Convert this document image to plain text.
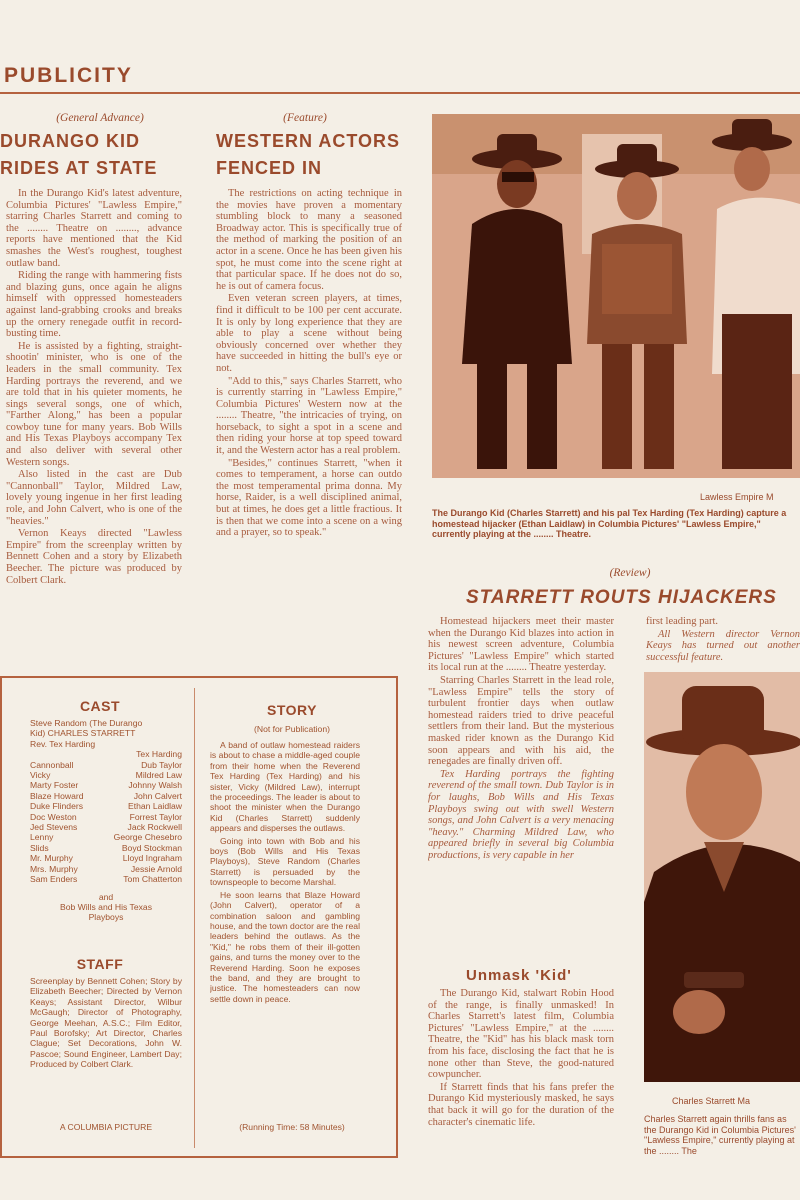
PUBLICITY
(General Advance)
DURANGO KID
RIDES AT STATE

In the Durango Kid's latest adventure, Columbia Pictures' "Lawless Empire," starring Charles Starrett and coming to the ........ Theatre on ........, advance reports have mentioned that the Kid smashes the West's roughest, toughest outlaw band.

Riding the range with hammering fists and blazing guns, once again he aligns himself with oppressed homesteaders against land-grabbing crooks and breaks up the ornery renegade outfit in record-busting time.

He is assisted by a fighting, straight-shootin' minister, who is one of the leaders in the small community. Tex Harding portrays the reverend, and we are told that in his quieter moments, he sings several songs, one of which, "Farther Along," has been a popular cowboy tune for many years. Bob Wills and His Texas Playboys accompany Tex and also deliver with several other Western songs.

Also listed in the cast are Dub "Cannonball" Taylor, Mildred Law, lovely young ingenue in her first leading role, and John Calvert, who is one of the "heavies."

Vernon Keays directed "Lawless Empire" from the screenplay written by Bennett Cohen and a story by Elizabeth Beecher. The picture was produced by Colbert Clark.

(Feature)
WESTERN ACTORS
FENCED IN

The restrictions on acting technique in the movies have proven a momentary stumbling block to many a seasoned Broadway actor. This is specifically true of the method of marking the position of an actor in a scene. Once he has been given his spot, he must come into the scene right at that particular space. If he does not do so, he is out of camera focus.

Even veteran screen players, at times, find it difficult to be 100 per cent accurate. It is only by long experience that they are able to play a scene without being obviously concerned over whether they have succeeded in hitting the bull's eye or not.

"Add to this," says Charles Starrett, who is currently starring in "Lawless Empire," Columbia Pictures' Western now at the ........ Theatre, "the intricacies of trying, on horseback, to sight a spot in a scene and then riding your horse at top speed toward it, and the Western actor has a real problem.

"Besides," continues Starrett, "when it comes to temperament, a horse can outdo the most temperamental prima donna. My horse, Raider, is a well disciplined animal, but at times, he does get a little fractious. It is then that we come into a scene on a wing and a prayer, so to speak."

Lawless Empire M
The Durango Kid (Charles Starrett) and his pal Tex Harding (Tex Harding) capture a homestead hijacker (Ethan Laidlaw) in Columbia Pictures' "Lawless Empire," currently playing at the ........ Theatre.
(Review)
STARRETT ROUTS HIJACKERS

Homestead hijackers meet their master when the Durango Kid blazes into action in his newest screen adventure, Columbia Pictures' "Lawless Empire" which started its local run at the ........ Theatre yesterday.

Starring Charles Starrett in the lead role, "Lawless Empire" tells the story of turbulent frontier days when outlaw homestead raiders tried to drive peaceful settlers from their land. But the mysterious masked rider known as the Durango Kid soon appears and with his aid, the renegades are finally driven off.

Tex Harding portrays the fighting reverend of the small town. Dub Taylor is in for laughs, Bob Wills and His Texas Playboys swing out with swell Western songs, and John Calvert is a very menacing "heavy." Charming Mildred Law, who appeared briefly in several big Columbia productions, is very capable in her

first leading part.

All Western director Vernon Keays has turned out another successful feature.

Unmask 'Kid'

The Durango Kid, stalwart Robin Hood of the range, is finally unmasked! In Charles Starrett's latest film, Columbia Pictures' "Lawless Empire," at the ........ Theatre, the "Kid" has his black mask torn from his face, disclosing the fact that he is none other than Steve, the good-natured cowpuncher.

If Starrett finds that his fans prefer the Durango Kid mysteriously masked, he says that back it will go for the duration of the character's cinematic life.

Charles Starrett Ma
Charles Starrett again thrills fans as the Durango Kid in Columbia Pictures' "Lawless Empire," currently playing at the ........ The
CAST
Steve Random (The Durango
Kid) CHARLES STARRETT
Rev. Tex Harding
Tex Harding
Cannonball	Dub Taylor
Vicky	Mildred Law
Marty Foster	Johnny Walsh
Blaze Howard	John Calvert
Duke Flinders	Ethan Laidlaw
Doc Weston	Forrest Taylor
Jed Stevens	Jack Rockwell
Lenny	George Chesebro
Slids	Boyd Stockman
Mr. Murphy	Lloyd Ingraham
Mrs. Murphy	Jessie Arnold
Sam Enders	Tom Chatterton
and
Bob Wills and His Texas
Playboys
STAFF
Screenplay by Bennett Cohen; Story by Elizabeth Beecher; Directed by Vernon Keays; Assistant Director, Wilbur McGaugh; Director of Photography, George Meehan, A.S.C.; Film Editor, Paul Borofsky; Art Director, Charles Clague; Set Decorations, John W. Pascoe; Sound Engineer, Lambert Day; Produced by Colbert Clark.
A COLUMBIA PICTURE
STORY
(Not for Publication)
A band of outlaw homestead raiders is about to chase a middle-aged couple from their home when the Reverend Tex Harding (Tex Harding) and his sister, Vicky (Mildred Law), interrupt the proceedings. The leader is about to shoot the minister when the Durango Kid (Charles Starrett) suddenly appears and disperses the outlaws.
Going into town with Bob and his boys (Bob Wills and His Texas Playboys), Steve Random (Charles Starrett) is persuaded by the townspeople to become Marshal.
He soon learns that Blaze Howard (John Calvert), operator of a combination saloon and gambling house, and the town doctor are the real leaders behind the outlaws. As the "Kid," he robs them of their ill-gotten gains, and turns the money over to the Reverend Harding. Soon he exposes the band, and they are brought to justice. The homesteaders can now settle down in peace.
(Running Time: 58 Minutes)
